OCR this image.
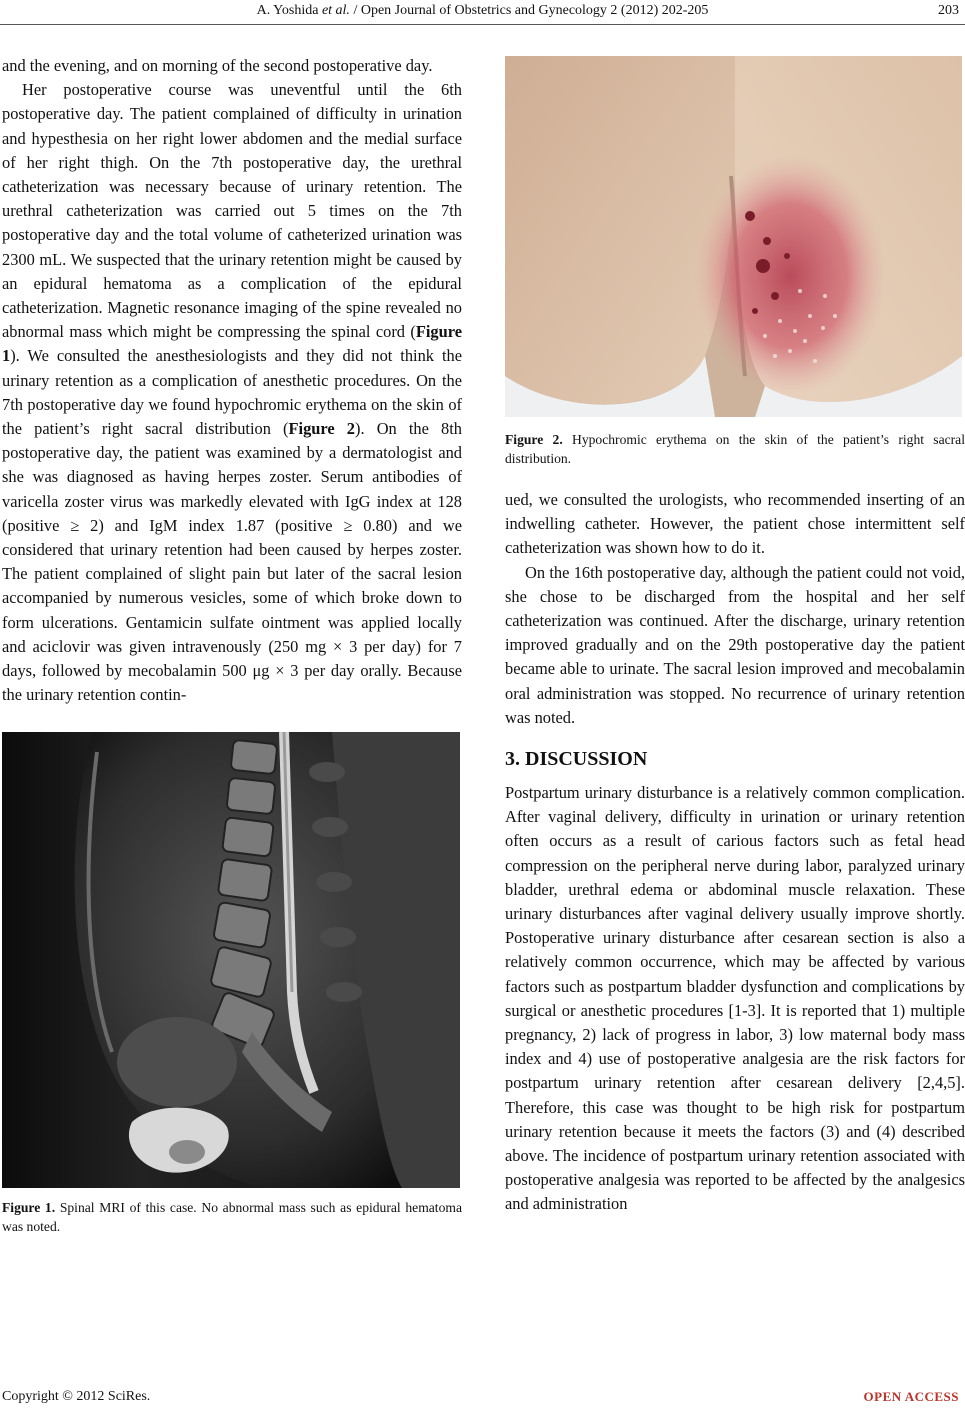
A. Yoshida et al. / Open Journal of Obstetrics and Gynecology 2 (2012) 202-205	203

and the evening, and on morning of the second postoperative day.

Her postoperative course was uneventful until the 6th postoperative day. The patient complained of difficulty in urination and hypesthesia on her right lower abdomen and the medial surface of her right thigh. On the 7th postoperative day, the urethral catheterization was necessary because of urinary retention. The urethral catheterization was carried out 5 times on the 7th postoperative day and the total volume of catheterized urination was 2300 mL. We suspected that the urinary retention might be caused by an epidural hematoma as a complication of the epidural catheterization. Magnetic resonance imaging of the spine revealed no abnormal mass which might be compressing the spinal cord (Figure 1). We consulted the anesthesiologists and they did not think the urinary retention as a complication of anesthetic procedures. On the 7th postoperative day we found hypochromic erythema on the skin of the patient’s right sacral distribution (Figure 2). On the 8th postoperative day, the patient was examined by a dermatologist and she was diagnosed as having herpes zoster. Serum antibodies of varicella zoster virus was markedly elevated with IgG index at 128 (positive ≥ 2) and IgM index 1.87 (positive ≥ 0.80) and we considered that urinary retention had been caused by herpes zoster. The patient complained of slight pain but later of the sacral lesion accompanied by numerous vesicles, some of which broke down to form ulcerations. Gentamicin sulfate ointment was applied locally and aciclovir was given intravenously (250 mg × 3 per day) for 7 days, followed by mecobalamin 500 μg × 3 per day orally. Because the urinary retention contin-

Figure 1. Spinal MRI of this case. No abnormal mass such as epidural hematoma was noted.
Figure 2. Hypochromic erythema on the skin of the patient’s right sacral distribution.

ued, we consulted the urologists, who recommended inserting of an indwelling catheter. However, the patient chose intermittent self catheterization was shown how to do it.

On the 16th postoperative day, although the patient could not void, she chose to be discharged from the hospital and her self catheterization was continued. After the discharge, urinary retention improved gradually and on the 29th postoperative day the patient became able to urinate. The sacral lesion improved and mecobalamin oral administration was stopped. No recurrence of urinary retention was noted.

3. DISCUSSION

Postpartum urinary disturbance is a relatively common complication. After vaginal delivery, difficulty in urination or urinary retention often occurs as a result of carious factors such as fetal head compression on the peripheral nerve during labor, paralyzed urinary bladder, urethral edema or abdominal muscle relaxation. These urinary disturbances after vaginal delivery usually improve shortly. Postoperative urinary disturbance after cesarean section is also a relatively common occurrence, which may be affected by various factors such as postpartum bladder dysfunction and complications by surgical or anesthetic procedures [1-3]. It is reported that 1) multiple pregnancy, 2) lack of progress in labor, 3) low maternal body mass index and 4) use of postoperative analgesia are the risk factors for postpartum urinary retention after cesarean delivery [2,4,5]. Therefore, this case was thought to be high risk for postpartum urinary retention because it meets the factors (3) and (4) described above. The incidence of postpartum urinary retention associated with postoperative analgesia was reported to be affected by the analgesics and administration

Copyright © 2012 SciRes.	OPEN ACCESS
